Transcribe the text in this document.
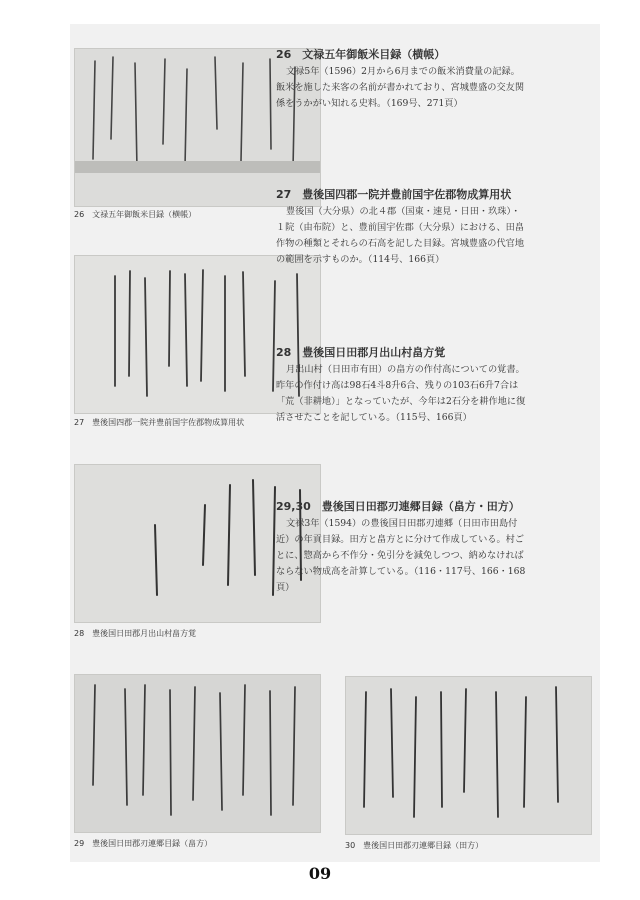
26　文禄五年御飯米目録（横帳）
26　文禄五年御飯米目録（横帳）
文禄5年（1596）2月から6月までの飯米消費量の記録。飯米を施した来客の名前が書かれており、宮城豊盛の交友関係をうかがい知れる史料。（169号、271頁）
27　豊後国四郡一院并豊前国宇佐郡物成算用状
27　豊後国四郡一院并豊前国宇佐郡物成算用状
豊後国（大分県）の北４郡（国東・速見・日田・玖珠）・１院（由布院）と、豊前国宇佐郡（大分県）における、田畠作物の種類とそれらの石高を記した目録。宮城豊盛の代官地の範囲を示すものか。（114号、166頁）
28　豊後国日田郡月出山村畠方覚
28　豊後国日田郡月出山村畠方覚
月出山村（日田市有田）の畠方の作付高についての覚書。昨年の作付け高は98石4斗8升6合、残りの103石6升7合は「荒（非耕地）」となっていたが、今年は2石分を耕作地に復活させたことを記している。（115号、166頁）
29,30　豊後国日田郡刃連郷目録（畠方・田方）
文禄3年（1594）の豊後国日田郡刃連郷（日田市田島付近）の年貢目録。田方と畠方とに分けて作成している。村ごとに、惣高から不作分・免引分を減免しつつ、納めなければならない物成高を計算している。（116・117号、166・168頁）
29　豊後国日田郡刃連郷目録（畠方）	30　豊後国日田郡刃連郷目録（田方）
09
